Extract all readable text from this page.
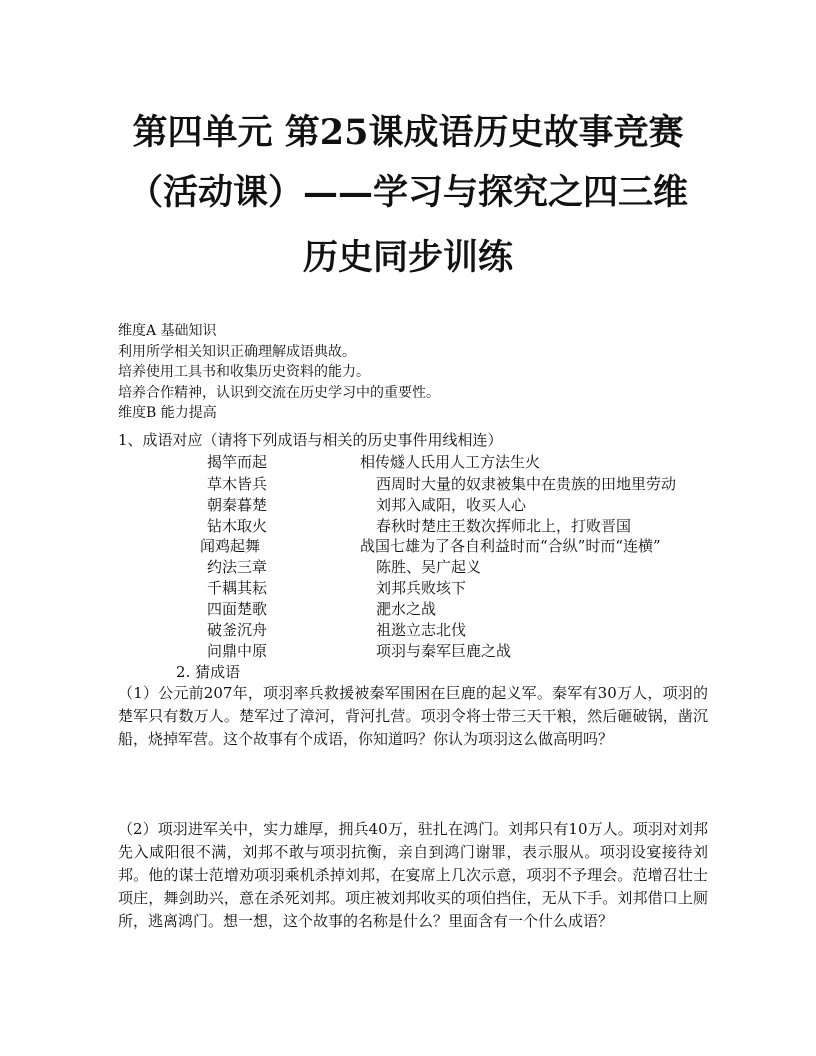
第四单元 第25课成语历史故事竞赛
（活动课）——学习与探究之四三维
历史同步训练
维度A 基础知识
利用所学相关知识正确理解成语典故。
培养使用工具书和收集历史资料的能力。
培养合作精神，认识到交流在历史学习中的重要性。
维度B 能力提高
1、成语对应（请将下列成语与相关的历史事件用线相连）
揭竿而起
草木皆兵
朝秦暮楚
钻木取火
闻鸡起舞
约法三章
千耦其耘
四面楚歌
破釜沉舟
问鼎中原
相传燧人氏用人工方法生火
西周时大量的奴隶被集中在贵族的田地里劳动
刘邦入咸阳，收买人心
春秋时楚庄王数次挥师北上，打败晋国
战国七雄为了各自利益时而“合纵”时而“连横”
陈胜、吴广起义
刘邦兵败垓下
淝水之战
祖逖立志北伐
项羽与秦军巨鹿之战
2. 猜成语

（1）公元前207年，项羽率兵救援被秦军围困在巨鹿的起义军。秦军有30万人，项羽的楚军只有数万人。楚军过了漳河，背河扎营。项羽令将士带三天干粮，然后砸破锅，凿沉船，烧掉军营。这个故事有个成语，你知道吗？你认为项羽这么做高明吗？

（2）项羽进军关中，实力雄厚，拥兵40万，驻扎在鸿门。刘邦只有10万人。项羽对刘邦先入咸阳很不满，刘邦不敢与项羽抗衡，亲自到鸿门谢罪，表示服从。项羽设宴接待刘邦。他的谋士范增劝项羽乘机杀掉刘邦，在宴席上几次示意，项羽不予理会。范增召壮士项庄，舞剑助兴，意在杀死刘邦。项庄被刘邦收买的项伯挡住，无从下手。刘邦借口上厕所，逃离鸿门。想一想，这个故事的名称是什么？里面含有一个什么成语？
